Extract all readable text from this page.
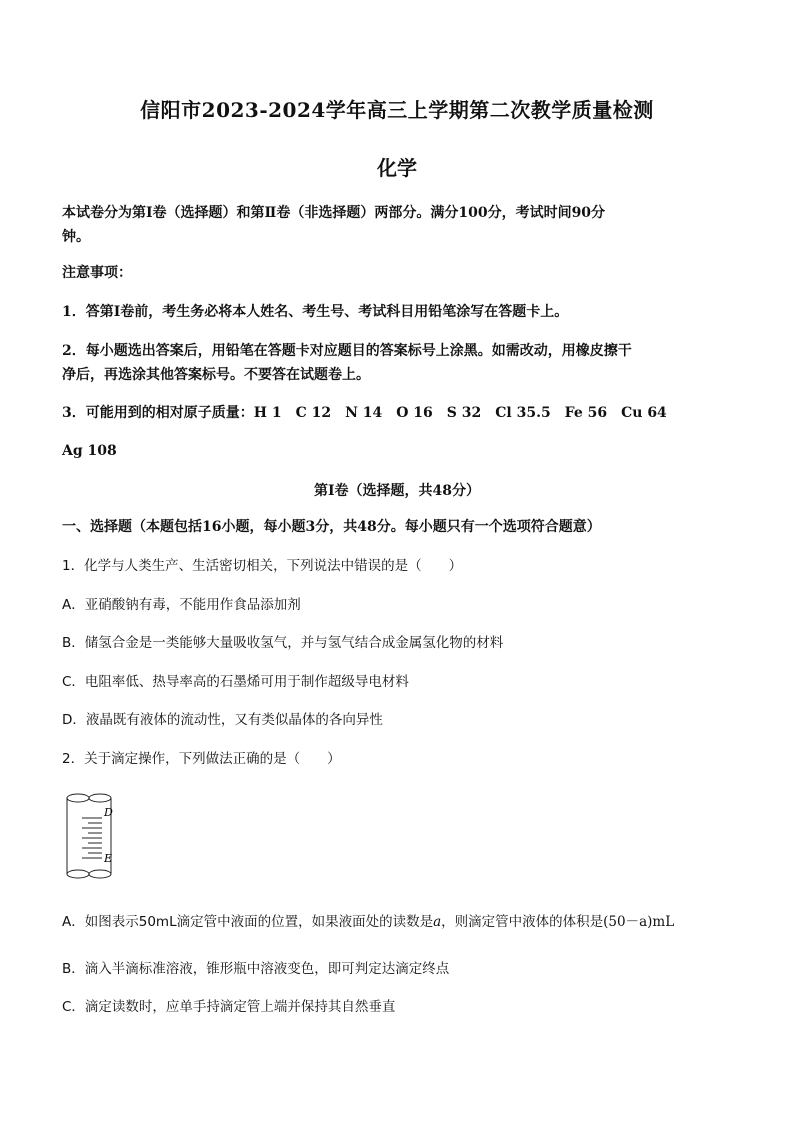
信阳市2023-2024学年高三上学期第二次教学质量检测
化学
本试卷分为第Ⅰ卷（选择题）和第Ⅱ卷（非选择题）两部分。满分100分，考试时间90分
钟。
注意事项：
1．答第Ⅰ卷前，考生务必将本人姓名、考生号、考试科目用铅笔涂写在答题卡上。
2．每小题选出答案后，用铅笔在答题卡对应题目的答案标号上涂黑。如需改动，用橡皮擦干
净后，再选涂其他答案标号。不要答在试题卷上。
3．可能用到的相对原子质量：H 1　C 12　N 14　O 16　S 32　Cl 35.5　Fe 56　Cu 64
Ag 108
第Ⅰ卷（选择题，共48分）
一、选择题（本题包括16小题，每小题3分，共48分。每小题只有一个选项符合题意）
1．化学与人类生产、生活密切相关，下列说法中错误的是（　　）
A．亚硝酸钠有毒，不能用作食品添加剂
B．储氢合金是一类能够大量吸收氢气，并与氢气结合成金属氢化物的材料
C．电阻率低、热导率高的石墨烯可用于制作超级导电材料
D．液晶既有液体的流动性，又有类似晶体的各向异性
2．关于滴定操作，下列做法正确的是（　　）
D
E
A．如图表示50mL滴定管中液面的位置，如果液面处的读数是a，则滴定管中液体的体积是(50－a)mL
B．滴入半滴标准溶液，锥形瓶中溶液变色，即可判定达滴定终点
C．滴定读数时，应单手持滴定管上端并保持其自然垂直
